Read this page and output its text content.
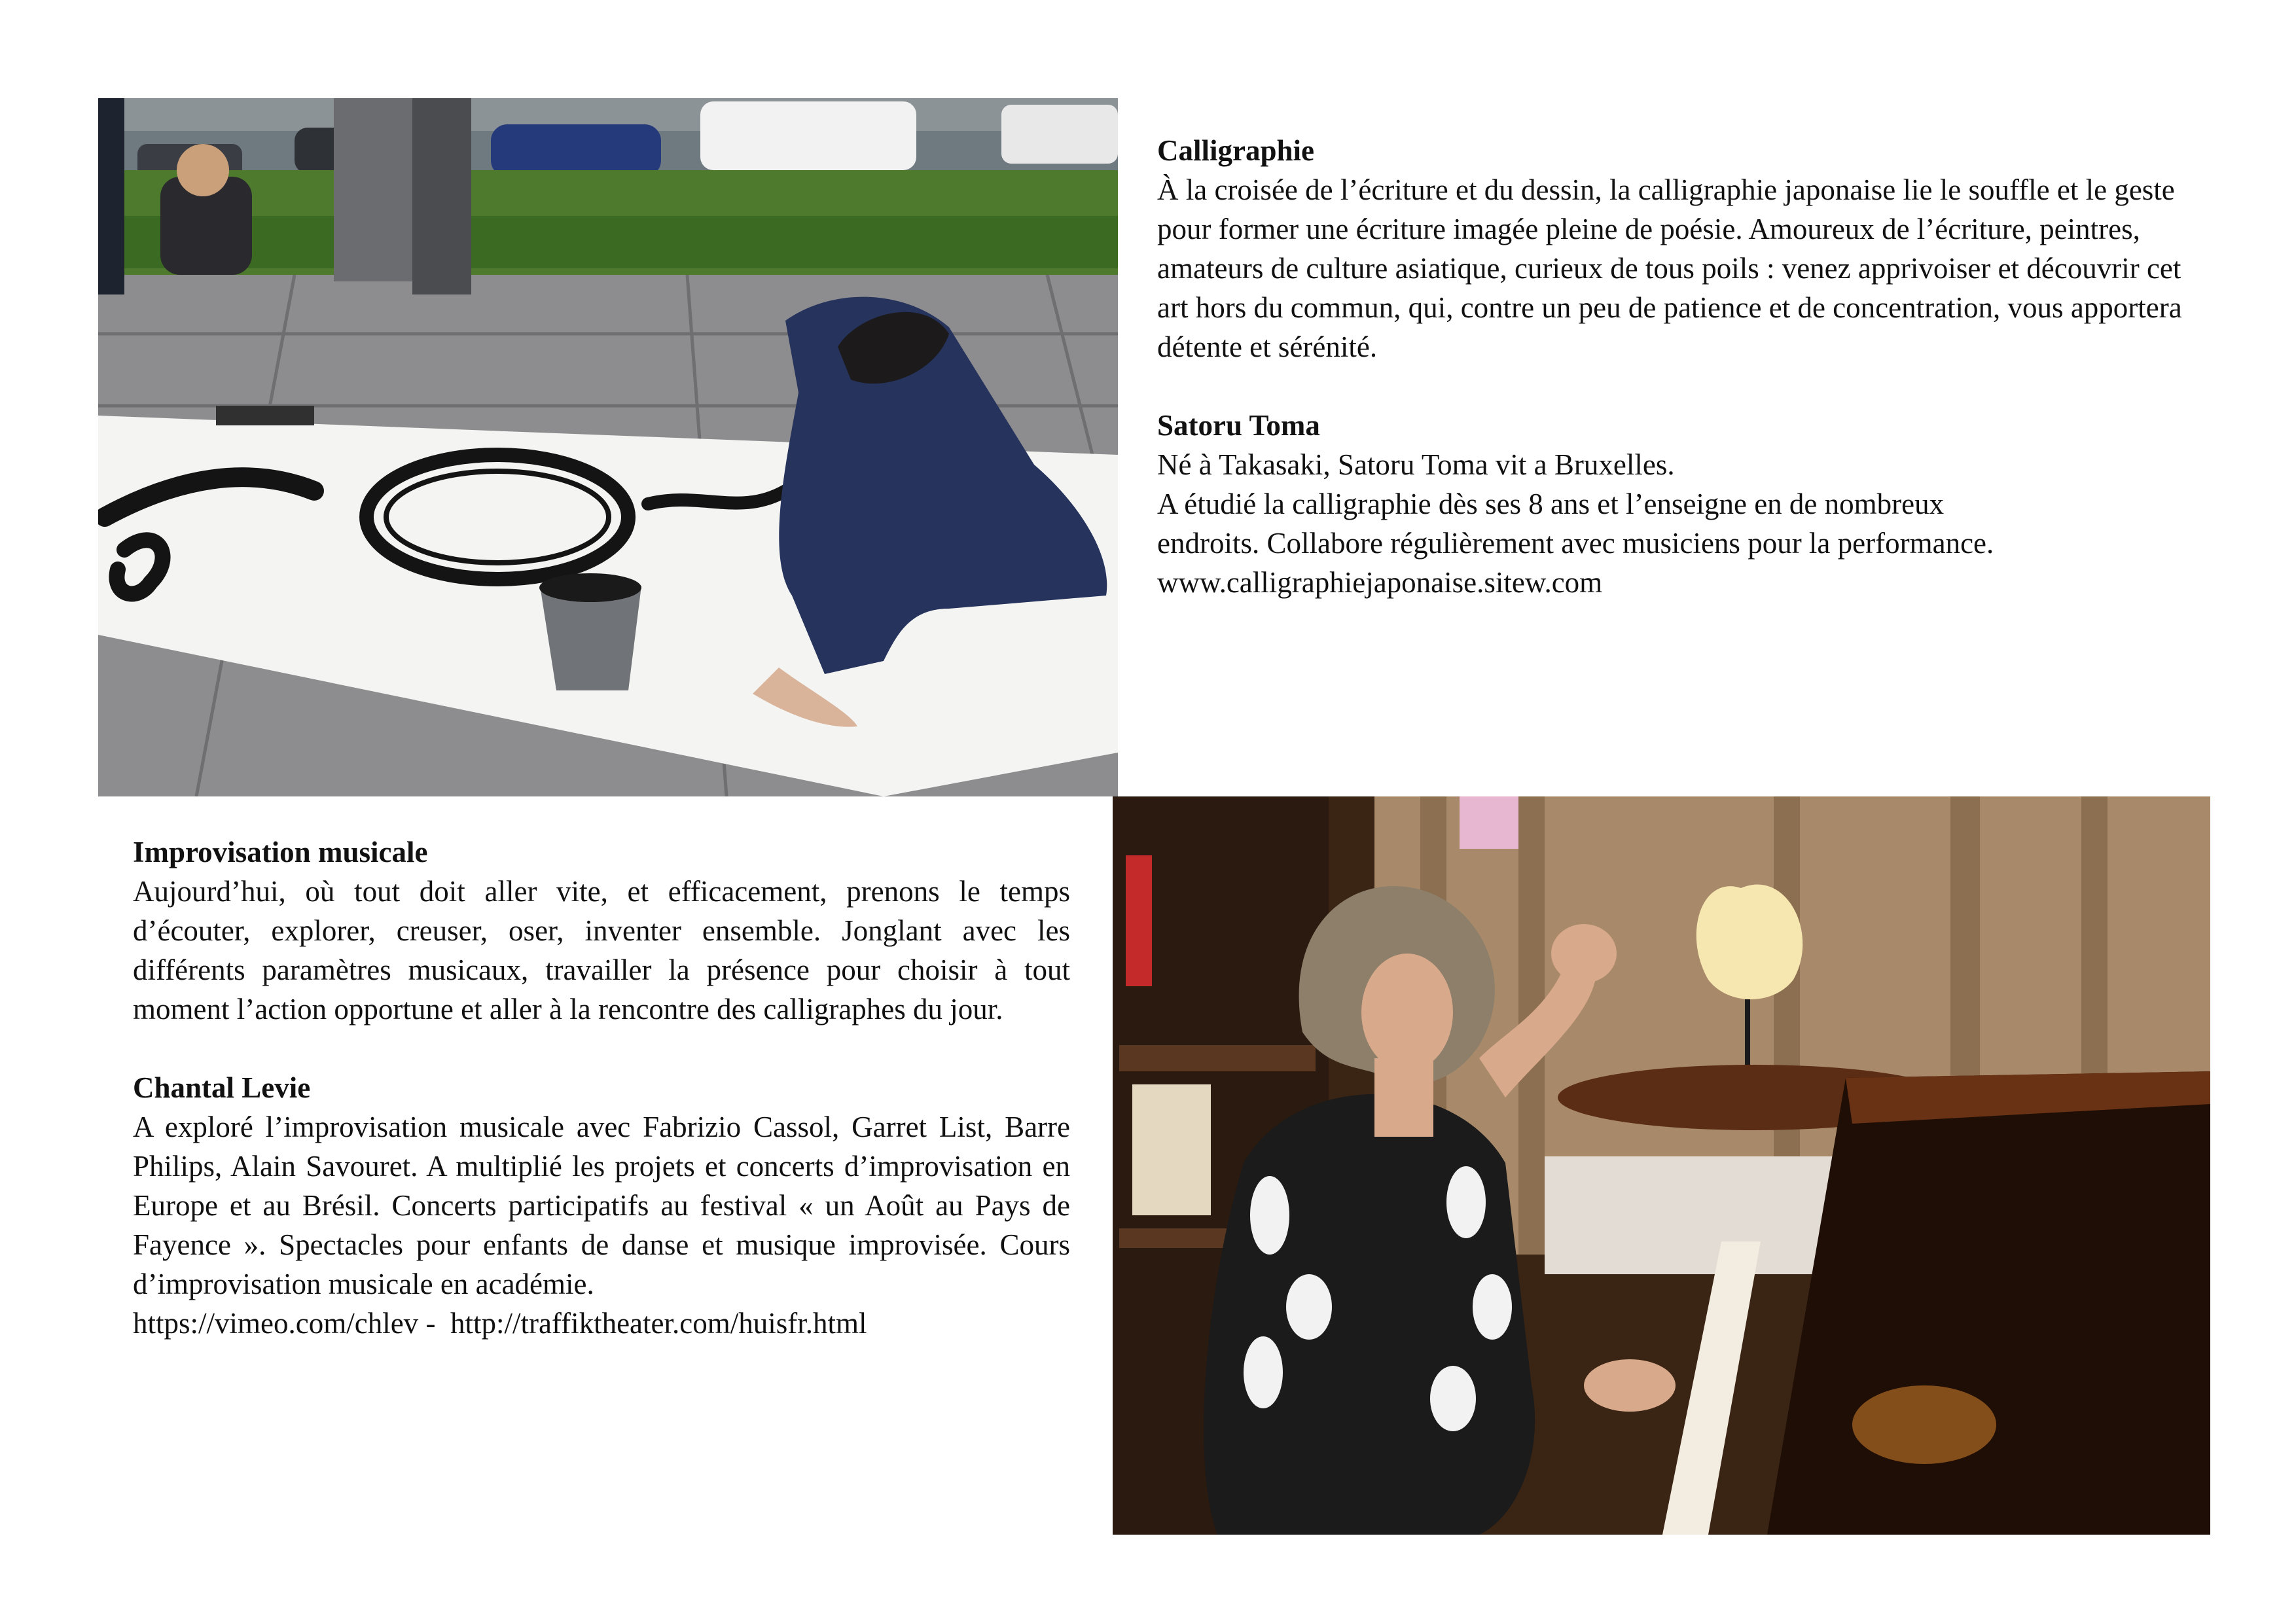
Calligraphie

À la croisée de l’écriture et du dessin, la calligraphie japonaise lie le souffle et le geste pour former une écriture imagée pleine de poésie. Amoureux de l’écriture, peintres, amateurs de culture asiatique, curieux de tous poils : venez apprivoiser et découvrir cet art hors du commun, qui, contre un peu de patience et de concentration, vous apportera détente et sérénité.

Satoru Toma

Né à Takasaki, Satoru Toma vit a Bruxelles.

A étudié la calligraphie dès ses 8 ans et l’enseigne en de nombreux endroits. Collabore régulièrement avec musiciens pour la performance.

www.calligraphiejaponaise.sitew.com

Improvisation musicale

Aujourd’hui, où tout doit aller vite, et efficacement, prenons le temps d’écouter, explorer, creuser, oser, inventer ensemble. Jonglant avec les différents paramètres musicaux, travailler la présence pour choisir à tout moment l’action opportune et aller à la rencontre des calligraphes du jour.

Chantal Levie

A exploré l’improvisation musicale avec Fabrizio Cassol, Garret List, Barre Philips, Alain Savouret. A multiplié les projets et concerts d’improvisation en Europe et au Brésil. Concerts participatifs au festival « un Août au Pays de Fayence ». Spectacles pour enfants de danse et musique improvisée. Cours d’improvisation musicale en académie.

https://vimeo.com/chlev -  http://traffiktheater.com/huisfr.html
